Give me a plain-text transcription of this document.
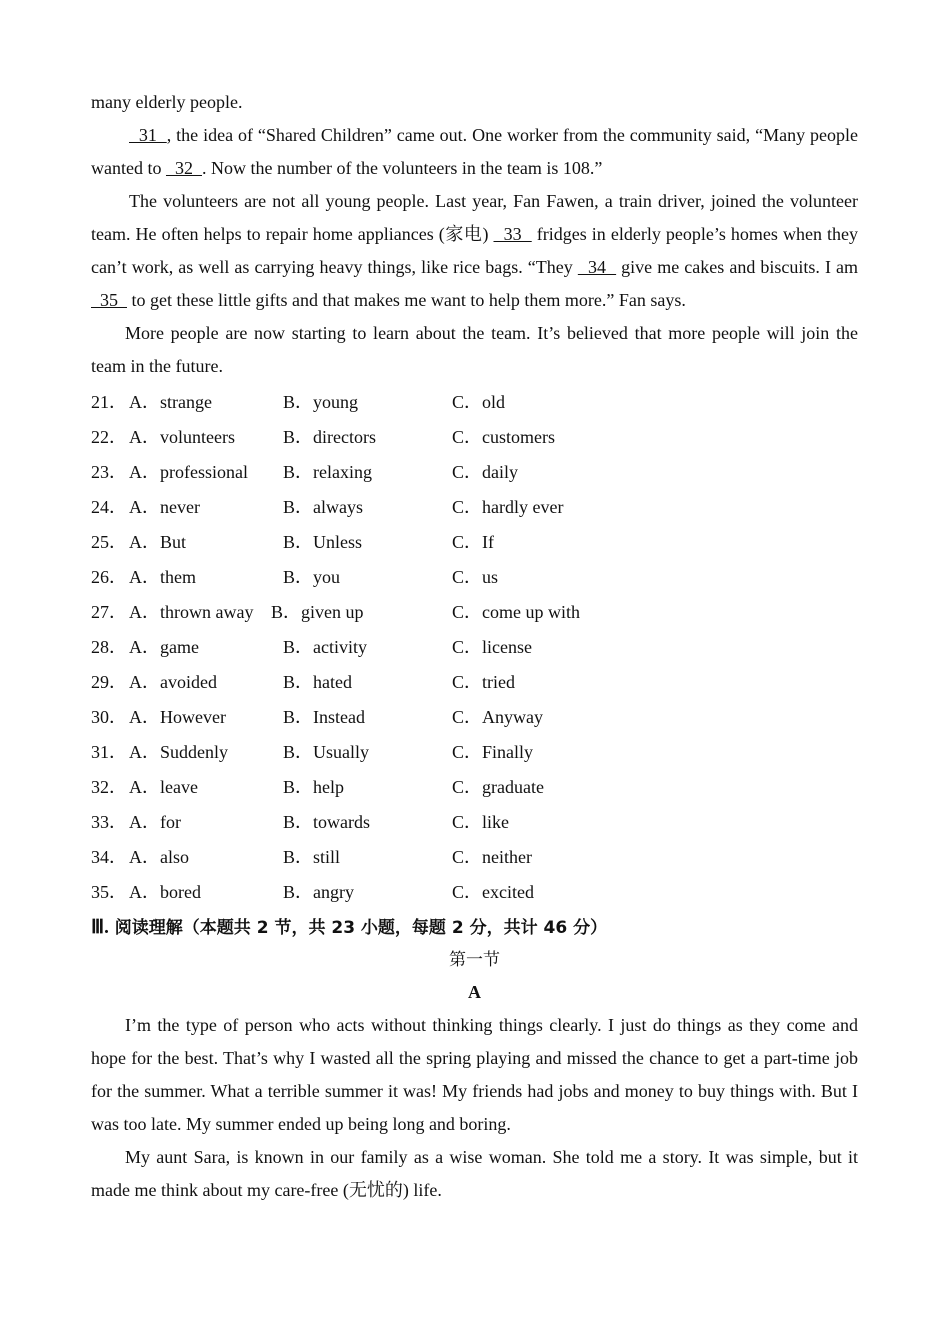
many elderly people.

31  , the idea of “Shared Children” came out. One worker from the community said, “Many people wanted to   32  . Now the number of the volunteers in the team is 108.”

The volunteers are not all young people. Last year, Fan Fawen, a train driver, joined the volunteer team. He often helps to repair home appliances (家电)   33   fridges in elderly people’s homes when they can’t work, as well as carrying heavy things, like rice bags. “They   34   give me cakes and biscuits. I am   35   to get these little gifts and that makes me want to help them more.” Fan says.

More people are now starting to learn about the team. It’s believed that more people will join the team in the future.

21． A．strange	B．young	C．old
22． A．volunteers	B．directors	C．customers
23． A．professional B．relaxing	C．daily
24． A．never	B．always	C．hardly ever
25． A．But	B．Unless	C．If
26． A．them	B．you	C．us
27． A．thrown away B．given up	C．come up with
28． A．game	B．activity	C．license
29． A．avoided	B．hated	C．tried
30． A．However	B．Instead	C．Anyway
31． A．Suddenly	B．Usually	C．Finally
32． A．leave	B．help	C．graduate
33． A．for	B．towards	C．like
34． A．also	B．still	C．neither
35． A．bored	B．angry	C．excited
Ⅲ. 阅读理解（本题共 2 节，共 23 小题，每题 2 分，共计 46 分）
第一节
A

I’m the type of person who acts without thinking things clearly. I just do things as they come and hope for the best. That’s why I wasted all the spring playing and missed the chance to get a part-time job for the summer. What a terrible summer it was! My friends had jobs and money to buy things with. But I was too late. My summer ended up being long and boring.

My aunt Sara, is known in our family as a wise woman. She told me a story. It was simple, but it made me think about my care-free (无忧的) life.
